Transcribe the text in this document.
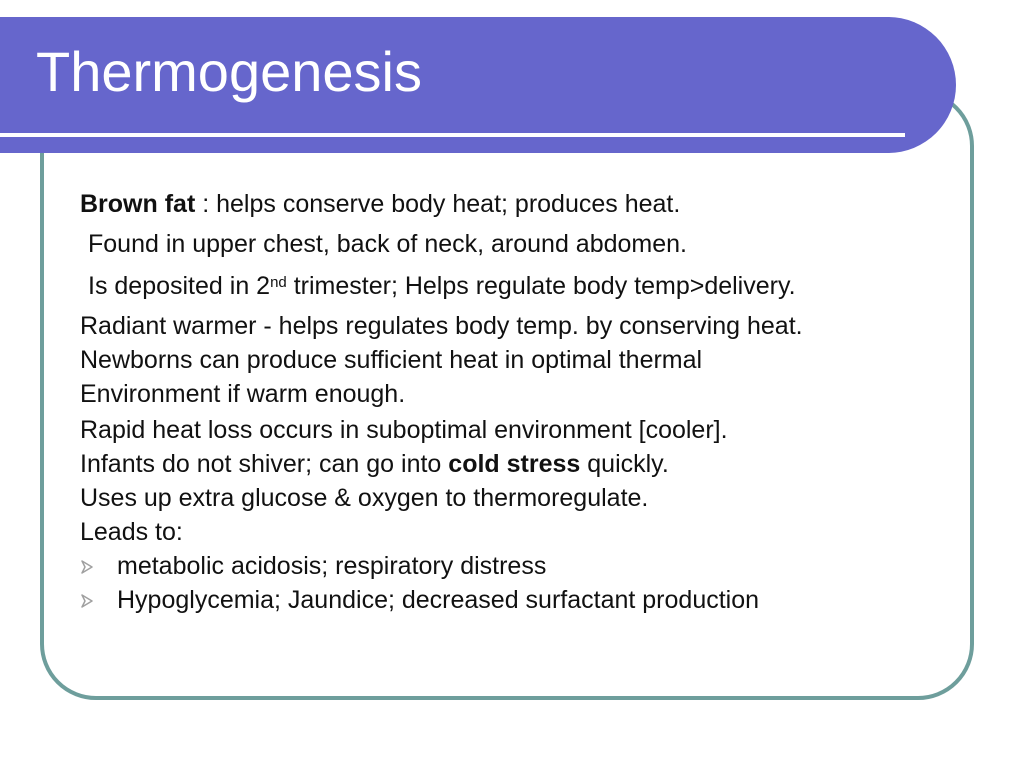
Thermogenesis
Brown fat : helps conserve body heat; produces heat.
Found in upper chest, back of neck, around abdomen.
Is deposited in 2nd trimester; Helps regulate body temp>delivery.
Radiant warmer - helps regulates body temp. by conserving heat.
Newborns can produce sufficient heat in optimal thermal
Environment if warm enough.
Rapid heat loss occurs in suboptimal environment [cooler].
Infants do not shiver; can go into cold stress quickly.
Uses up extra glucose & oxygen to thermoregulate.
Leads to:
metabolic acidosis; respiratory distress
Hypoglycemia; Jaundice; decreased surfactant production
